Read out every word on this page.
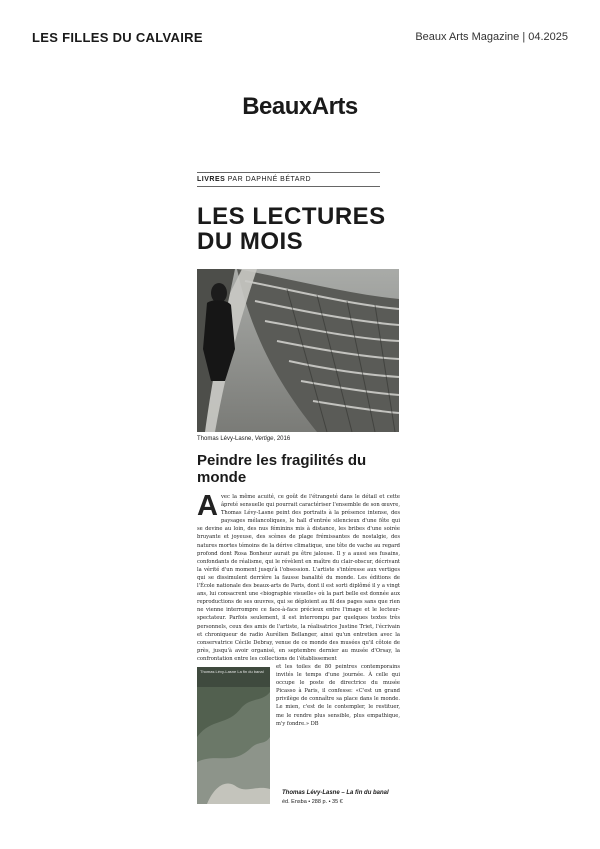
LES FILLES DU CALVAIRE	Beaux Arts Magazine | 04.2025
BeauxArts
LIVRES PAR DAPHNÉ BÉTARD
LES LECTURES
DU MOIS
Thomas Lévy-Lasne, Vertige, 2016
Peindre les fragilités du monde

Avec la même acuité, ce goût de l'étrangeté dans le détail et cette âpreté sensuelle qui pourrait caractériser l'ensemble de son œuvre, Thomas Lévy-Lasne peint des portraits à la présence intense, des paysages mélancoliques, le hall d'entrée silencieux d'une fête qui se devine au loin, des nus féminins mis à distance, les bribes d'une soirée bruyante et joyeuse, des scènes de plage frémissantes de nostalgie, des natures mortes témoins de la dérive climatique, une tête de vache au regard profond dont Rosa Bonheur aurait pu être jalouse. Il y a aussi ses fusains, confondants de réalisme, qui le révèlent en maître du clair-obscur, décrivant la vérité d'un moment jusqu'à l'obsession. L'artiste s'intéresse aux vertiges qui se dissimulent derrière la fausse banalité du monde. Les éditions de l'École nationale des beaux-arts de Paris, dont il est sorti diplômé il y a vingt ans, lui consacrent une «biographie visuelle» où la part belle est donnée aux reproductions de ses œuvres, qui se déploient au fil des pages sans que rien ne vienne interrompre ce face-à-face précieux entre l'image et le lecteur-spectateur. Parfois seulement, il est interrompu par quelques textes très personnels, ceux des amis de l'artiste, la réalisatrice Justine Triet, l'écrivain et chroniqueur de radio Aurélien Bellanger, ainsi qu'un entretien avec la conservatrice Cécile Debray, venue de ce monde des musées qu'il côtoie de près, jusqu'à avoir organisé, en septembre dernier au musée d'Orsay, la confrontation entre les collections de l'établissement

Thomas Lévy-Lasne La fin du banal

et les toiles de 80 peintres contemporains invités le temps d'une journée. À celle qui occupe le poste de directrice du musée Picasso à Paris, il confesse: «C'est un grand privilège de connaître sa place dans le monde. Le mien, c'est de le contempler, le restituer, me le rendre plus sensible, plus empathique, m'y fondre.» DB

Thomas Lévy-Lasne – La fin du banal
éd. Ensba • 288 p. • 35 €
